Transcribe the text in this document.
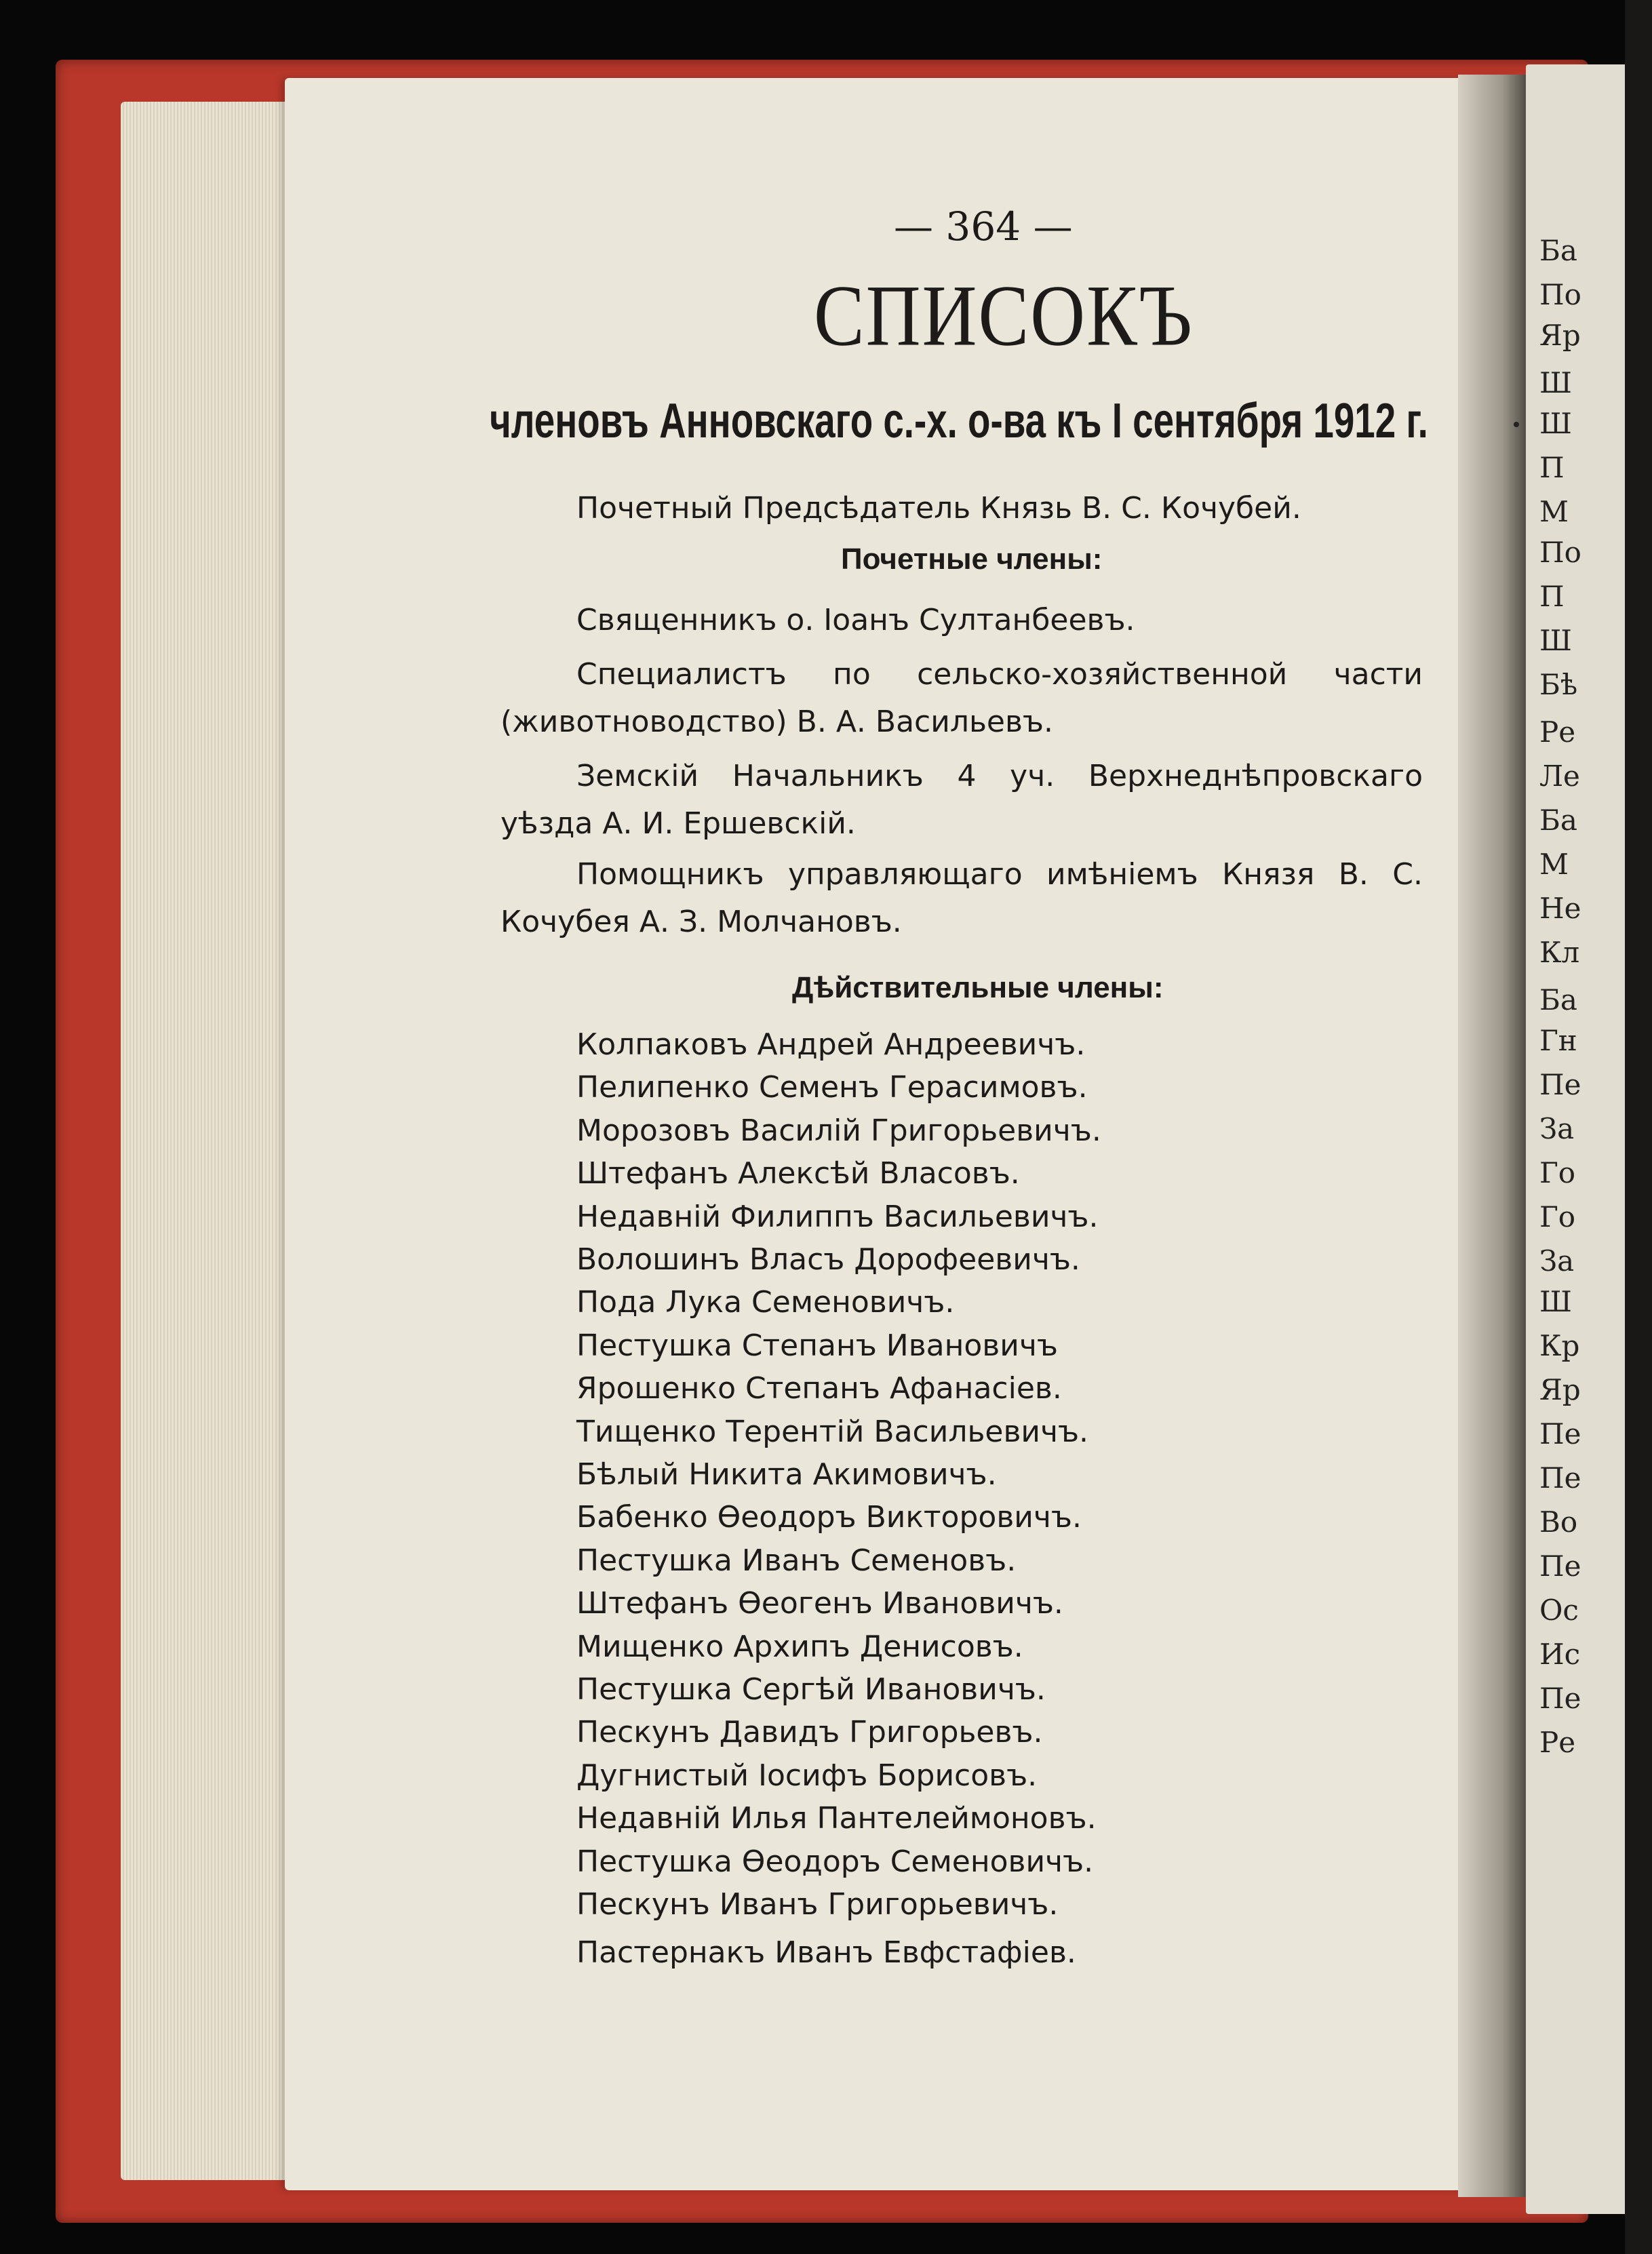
Ба
По
Яр
Ш
Ш
П
М
По
П
Ш
Бѣ
Ре
Ле
Ба
М
Не
Кл
Ба
Гн
Пе
За
Го
Го
За
Ш
Кр
Яр
Пе
Пе
Во
Пе
Ос
Ис
Пе
Ре
— 364 —
СПИСОКЪ
членовъ Анновскаго с.-х. о-ва къ I сентября 1912 г.
Почетный Предсѣдатель Князь В. С. Кочубей.
Почетные члены:
Священникъ о. Іоанъ Султанбеевъ.
Специалистъ по сельско-хозяйственной части (животноводство) В. А. Васильевъ.
Земскій Начальникъ 4 уч. Верхнеднѣпровскаго уѣзда А. И. Ершевскій.
Помощникъ управляющаго имѣніемъ Князя В. С. Кочубея А. З. Молчановъ.
Дѣйствительные члены:
Колпаковъ Андрей Андреевичъ.
Пелипенко Семенъ Герасимовъ.
Морозовъ Василій Григорьевичъ.
Штефанъ Алексѣй Власовъ.
Недавній Филиппъ Васильевичъ.
Волошинъ Власъ Дорофеевичъ.
Пода Лука Семеновичъ.
Пестушка Степанъ Ивановичъ
Ярошенко Степанъ Афанасіев.
Тищенко Терентій Васильевичъ.
Бѣлый Никита Акимовичъ.
Бабенко Ѳеодоръ Викторовичъ.
Пестушка Иванъ Семеновъ.
Штефанъ Ѳеогенъ Ивановичъ.
Мищенко Архипъ Денисовъ.
Пестушка Сергѣй Ивановичъ.
Пескунъ Давидъ Григорьевъ.
Дугнистый Іосифъ Борисовъ.
Недавній Илья Пантелеймоновъ.
Пестушка Ѳеодоръ Семеновичъ.
Пескунъ Иванъ Григорьевичъ.
Пастернакъ Иванъ Евфстафіев.
